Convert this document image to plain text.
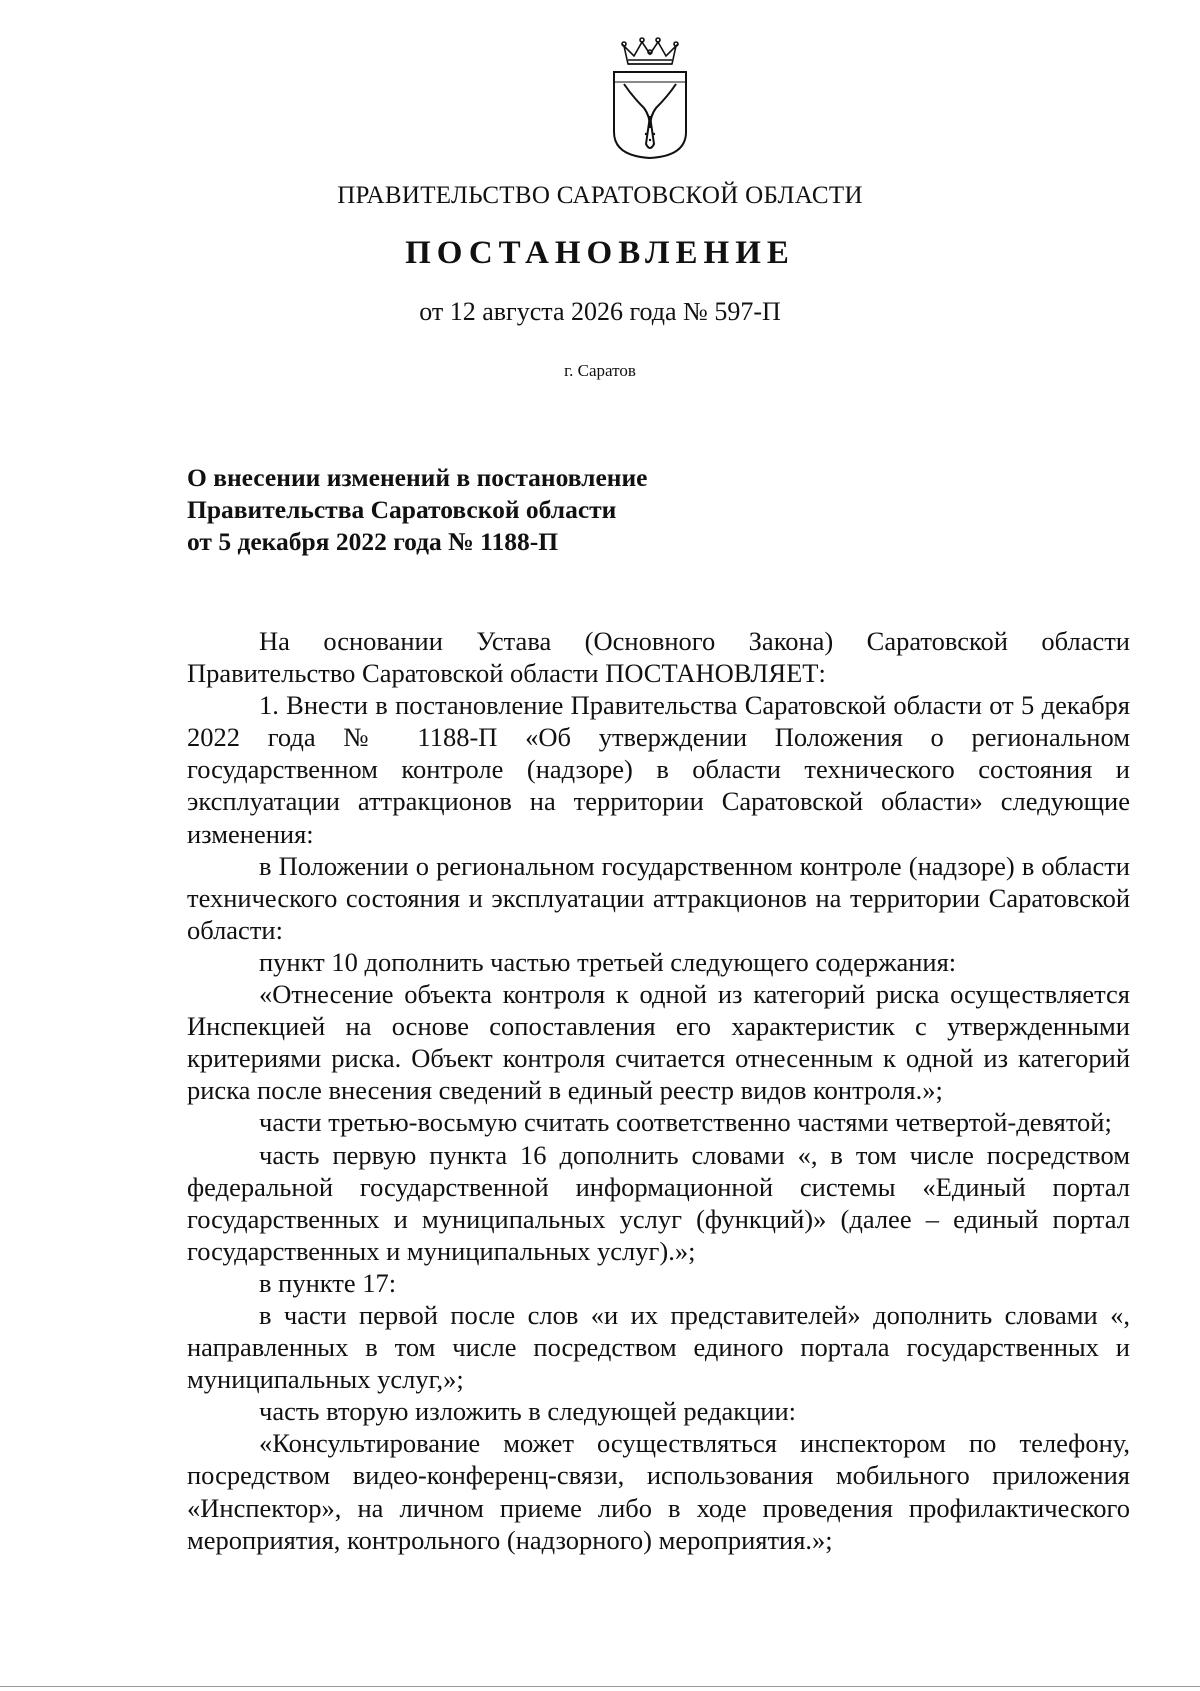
ПРАВИТЕЛЬСТВО САРАТОВСКОЙ ОБЛАСТИ
ПОСТАНОВЛЕНИЕ
от 12 августа 2026 года № 597-П
г. Саратов
О внесении изменений в постановление
Правительства Саратовской области
от 5 декабря 2022 года № 1188-П

На основании Устава (Основного Закона) Саратовской области Правительство Саратовской области ПОСТАНОВЛЯЕТ:

1. Внести в постановление Правительства Саратовской области от 5 декабря 2022 года № 1188-П «Об утверждении Положения о региональном государственном контроле (надзоре) в области технического состояния и эксплуатации аттракционов на территории Саратовской области» следующие изменения:

в Положении о региональном государственном контроле (надзоре) в области технического состояния и эксплуатации аттракционов на территории Саратовской области:

пункт 10 дополнить частью третьей следующего содержания:

«Отнесение объекта контроля к одной из категорий риска осуществляется Инспекцией на основе сопоставления его характеристик с утвержденными критериями риска. Объект контроля считается отнесенным к одной из категорий риска после внесения сведений в единый реестр видов контроля.»;

части третью-восьмую считать соответственно частями четвертой-девятой;

часть первую пункта 16 дополнить словами «, в том числе посредством федеральной государственной информационной системы «Единый портал государственных и муниципальных услуг (функций)» (далее – единый портал государственных и муниципальных услуг).»;

в пункте 17:

в части первой после слов «и их представителей» дополнить словами «, направленных в том числе посредством единого портала государственных и муниципальных услуг,»;

часть вторую изложить в следующей редакции:

«Консультирование может осуществляться инспектором по телефону, посредством видео-конференц-связи, использования мобильного приложения «Инспектор», на личном приеме либо в ходе проведения профилактического мероприятия, контрольного (надзорного) мероприятия.»;
